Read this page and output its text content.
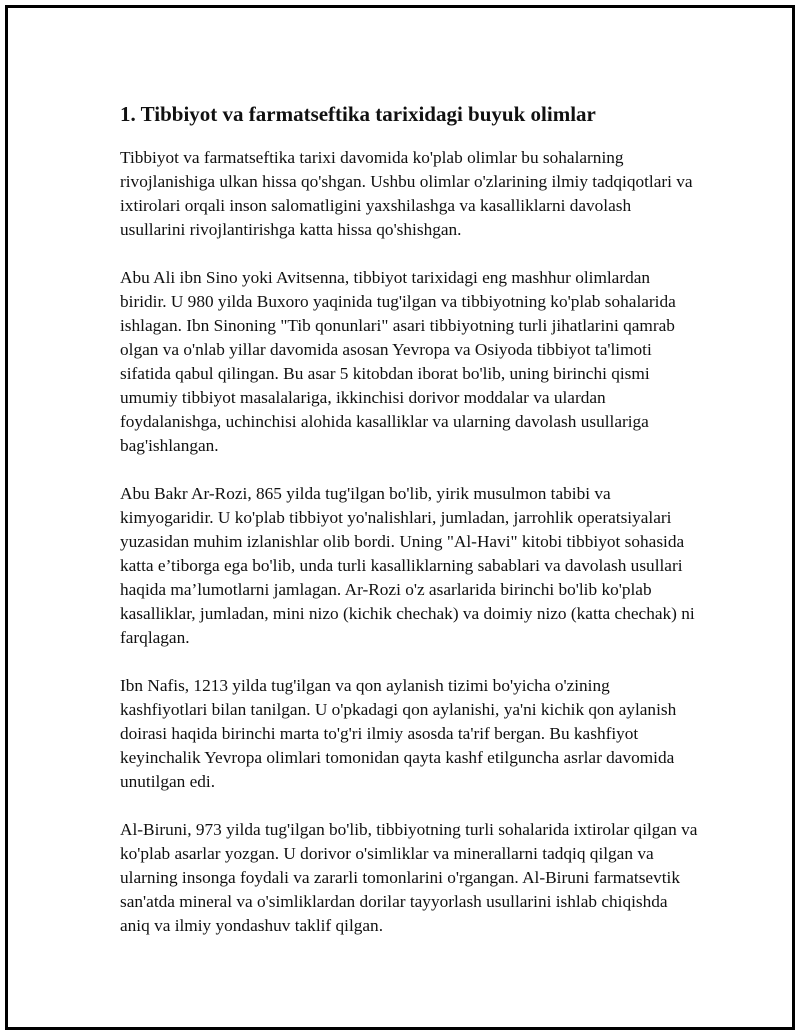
1. Tibbiyot va farmatseftika tarixidagi buyuk olimlar

Tibbiyot va farmatseftika tarixi davomida ko'plab olimlar bu sohalarning rivojlanishiga ulkan hissa qo'shgan. Ushbu olimlar o'zlarining ilmiy tadqiqotlari va ixtirolari orqali inson salomatligini yaxshilashga va kasalliklarni davolash usullarini rivojlantirishga katta hissa qo'shishgan.

Abu Ali ibn Sino yoki Avitsenna, tibbiyot tarixidagi eng mashhur olimlardan biridir. U 980 yilda Buxoro yaqinida tug'ilgan va tibbiyotning ko'plab sohalarida ishlagan. Ibn Sinoning "Tib qonunlari" asari tibbiyotning turli jihatlarini qamrab olgan va o'nlab yillar davomida asosan Yevropa va Osiyoda tibbiyot ta'limoti sifatida qabul qilingan. Bu asar 5 kitobdan iborat bo'lib, uning birinchi qismi umumiy tibbiyot masalalariga, ikkinchisi dorivor moddalar va ulardan foydalanishga, uchinchisi alohida kasalliklar va ularning davolash usullariga bag'ishlangan.

Abu Bakr Ar-Rozi, 865 yilda tug'ilgan bo'lib, yirik musulmon tabibi va kimyogaridir. U ko'plab tibbiyot yo'nalishlari, jumladan, jarrohlik operatsiyalari yuzasidan muhim izlanishlar olib bordi. Uning "Al-Havi" kitobi tibbiyot sohasida katta e’tiborga ega bo'lib, unda turli kasalliklarning sabablari va davolash usullari haqida ma’lumotlarni jamlagan. Ar-Rozi o'z asarlarida birinchi bo'lib ko'plab kasalliklar, jumladan, mini nizo (kichik chechak) va doimiy nizo (katta chechak) ni farqlagan.

Ibn Nafis, 1213 yilda tug'ilgan va qon aylanish tizimi bo'yicha o'zining kashfiyotlari bilan tanilgan. U o'pkadagi qon aylanishi, ya'ni kichik qon aylanish doirasi haqida birinchi marta to'g'ri ilmiy asosda ta'rif bergan. Bu kashfiyot keyinchalik Yevropa olimlari tomonidan qayta kashf etilguncha asrlar davomida unutilgan edi.

Al-Biruni, 973 yilda tug'ilgan bo'lib, tibbiyotning turli sohalarida ixtirolar qilgan va ko'plab asarlar yozgan. U dorivor o'simliklar va minerallarni tadqiq qilgan va ularning insonga foydali va zararli tomonlarini o'rgangan. Al-Biruni farmatsevtik san'atda mineral va o'simliklardan dorilar tayyorlash usullarini ishlab chiqishda aniq va ilmiy yondashuv taklif qilgan.
